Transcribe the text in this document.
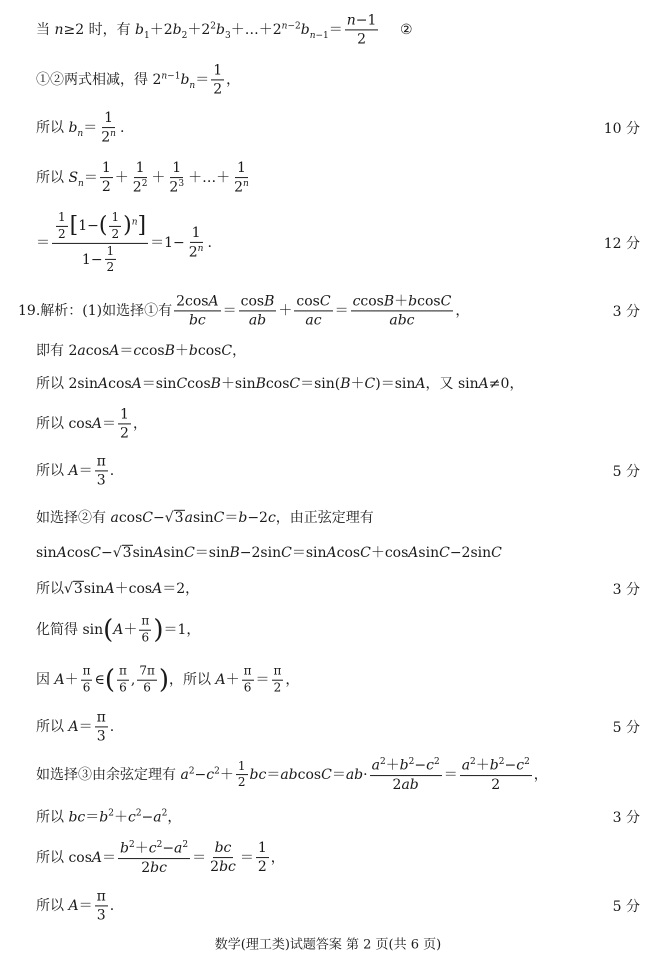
当 n≥2 时，有 $b_1+2b_2+2^2b_3+\dots+2^{n-2}b_{n-1}= \frac{n-1}{2}$ ②
①②两式相减，得 $2^{n-1}b_n= \frac{1}{2}$ ，
所以 $b_n= \frac{1}{2^n}$ .	10 分
所以 $S_n= \frac{1}{2} + \frac{1}{2^2} + \frac{1}{2^3}$ ＋…＋ $\frac{1}{2^n}$
＝ $\frac{\frac{1}{2} [1-( \frac{1}{2} )^n]}{1- \frac{1}{2}} =1- \frac{1}{2^n}$ .	12 分
19.解析：(1)如选择①有 $\frac{2\cos A}{bc} = \frac{\cos B}{ab} + \frac{\cos C}{ac} = \frac{ccosB+bcosC}{\text{abc}}$ ，	3 分
即有 2acosA＝ccosB＋bcosC，
所以 2sinAcosA＝sinCcosB＋sinBcosC＝sin(B＋C)＝sinA，又 sinA≠0，
所以 $\cos A= \frac{1}{2}$ ，
所以 $A= \frac{\pi}{3}$ .	5 分
如选择②有 acosC−√3asinC＝b−2c，由正弦定理有
sinAcosC−√3sinAsinC＝sinB−2sinC＝sinAcosC＋cosAsinC−2sinC
所以√3sinA＋cosA＝2，	3 分
化简得 $\sin(A+ \frac{\pi}{6} )=1$，
因 $A+ \frac{\pi}{6}$ ∈( $\frac{\pi}{6}$ , $\frac{7\pi}{6}$ )，所以 $A+ \frac{\pi}{6} = \frac{\pi}{2}$ ，
所以 $A= \frac{\pi}{3}$ .	5 分
如选择③由余弦定理有 $a^2-c^2+ \frac{1}{2} bc=abcosC=ab\cdot \frac{a^2+b^2-c^2}{2ab} = \frac{a^2+b^2-c^2}{2}$ ，
所以 $bc=b^2+c^2-a^2$，	3 分
所以 $\cos A= \frac{b^2+c^2-a^2}{2bc} = \frac{bc}{2bc} = \frac{1}{2}$ ，
所以 $A= \frac{\pi}{3}$ .	5 分
数学(理工类)试题答案 第 2 页(共 6 页)
